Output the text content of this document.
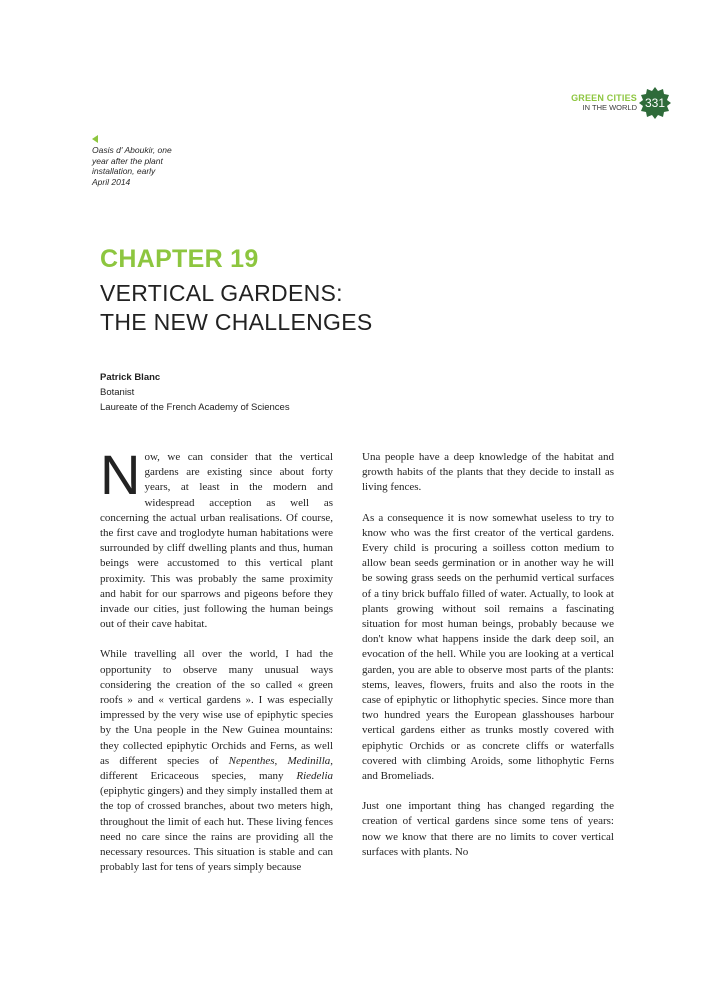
GREEN CITIES
IN THE WORLD 331
Oasis d' Aboukir, one
year after the plant
installation, early
April 2014
CHAPTER 19
VERTICAL GARDENS:
THE NEW CHALLENGES
Patrick Blanc
Botanist
Laureate of the French Academy of Sciences

Now, we can consider that the vertical gardens are existing since about forty years, at least in the modern and widespread acception as well as concerning the actual urban realisations. Of course, the first cave and troglodyte human habitations were surrounded by cliff dwelling plants and thus, human beings were accustomed to this vertical plant proximity. This was probably the same proximity and habit for our sparrows and pigeons before they invade our cities, just following the human beings out of their cave habitat.

While travelling all over the world, I had the opportunity to observe many unusual ways considering the creation of the so called « green roofs » and « vertical gardens ». I was especially impressed by the very wise use of epiphytic species by the Una people in the New Guinea mountains: they collected epiphytic Orchids and Ferns, as well as different species of Nepenthes, Medinilla, different Ericaceous species, many Riedelia (epiphytic gingers) and they simply installed them at the top of crossed branches, about two meters high, throughout the limit of each hut. These living fences need no care since the rains are providing all the necessary resources. This situation is stable and can probably last for tens of years simply because

Una people have a deep knowledge of the habitat and growth habits of the plants that they decide to install as living fences.

As a consequence it is now somewhat useless to try to know who was the first creator of the vertical gardens. Every child is procuring a soilless cotton medium to allow bean seeds germination or in another way he will be sowing grass seeds on the perhumid vertical surfaces of a tiny brick buffalo filled of water. Actually, to look at plants growing without soil remains a fascinating situation for most human beings, probably because we don't know what happens inside the dark deep soil, an evocation of the hell. While you are looking at a vertical garden, you are able to observe most parts of the plants: stems, leaves, flowers, fruits and also the roots in the case of epiphytic or lithophytic species. Since more than two hundred years the European glasshouses harbour vertical gardens either as trunks mostly covered with epiphytic Orchids or as concrete cliffs or waterfalls covered with climbing Aroids, some lithophytic Ferns and Bromeliads.

Just one important thing has changed regarding the creation of vertical gardens since some tens of years: now we know that there are no limits to cover vertical surfaces with plants. No
